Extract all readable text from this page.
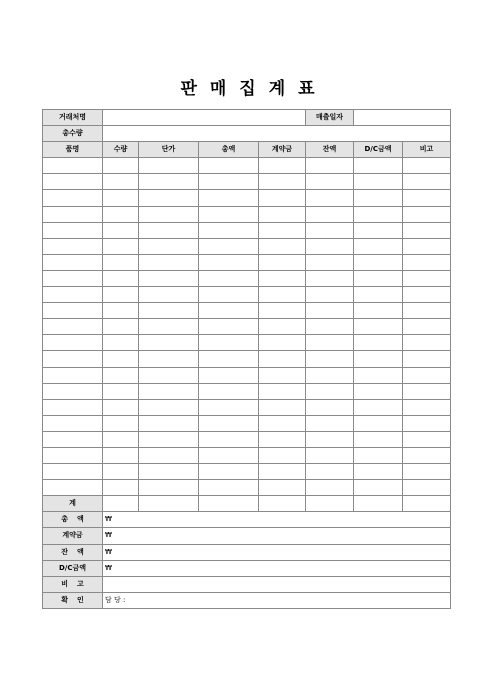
판매집계표
거래처명					매출일자		
총수량							
품명	수량	단가	총액	계약금	잔액	D/C금액	비고

계							
총액	₩						
계약금	₩						
잔액	₩						
D/C금액	₩						
비고							
확인	담 당 :						
